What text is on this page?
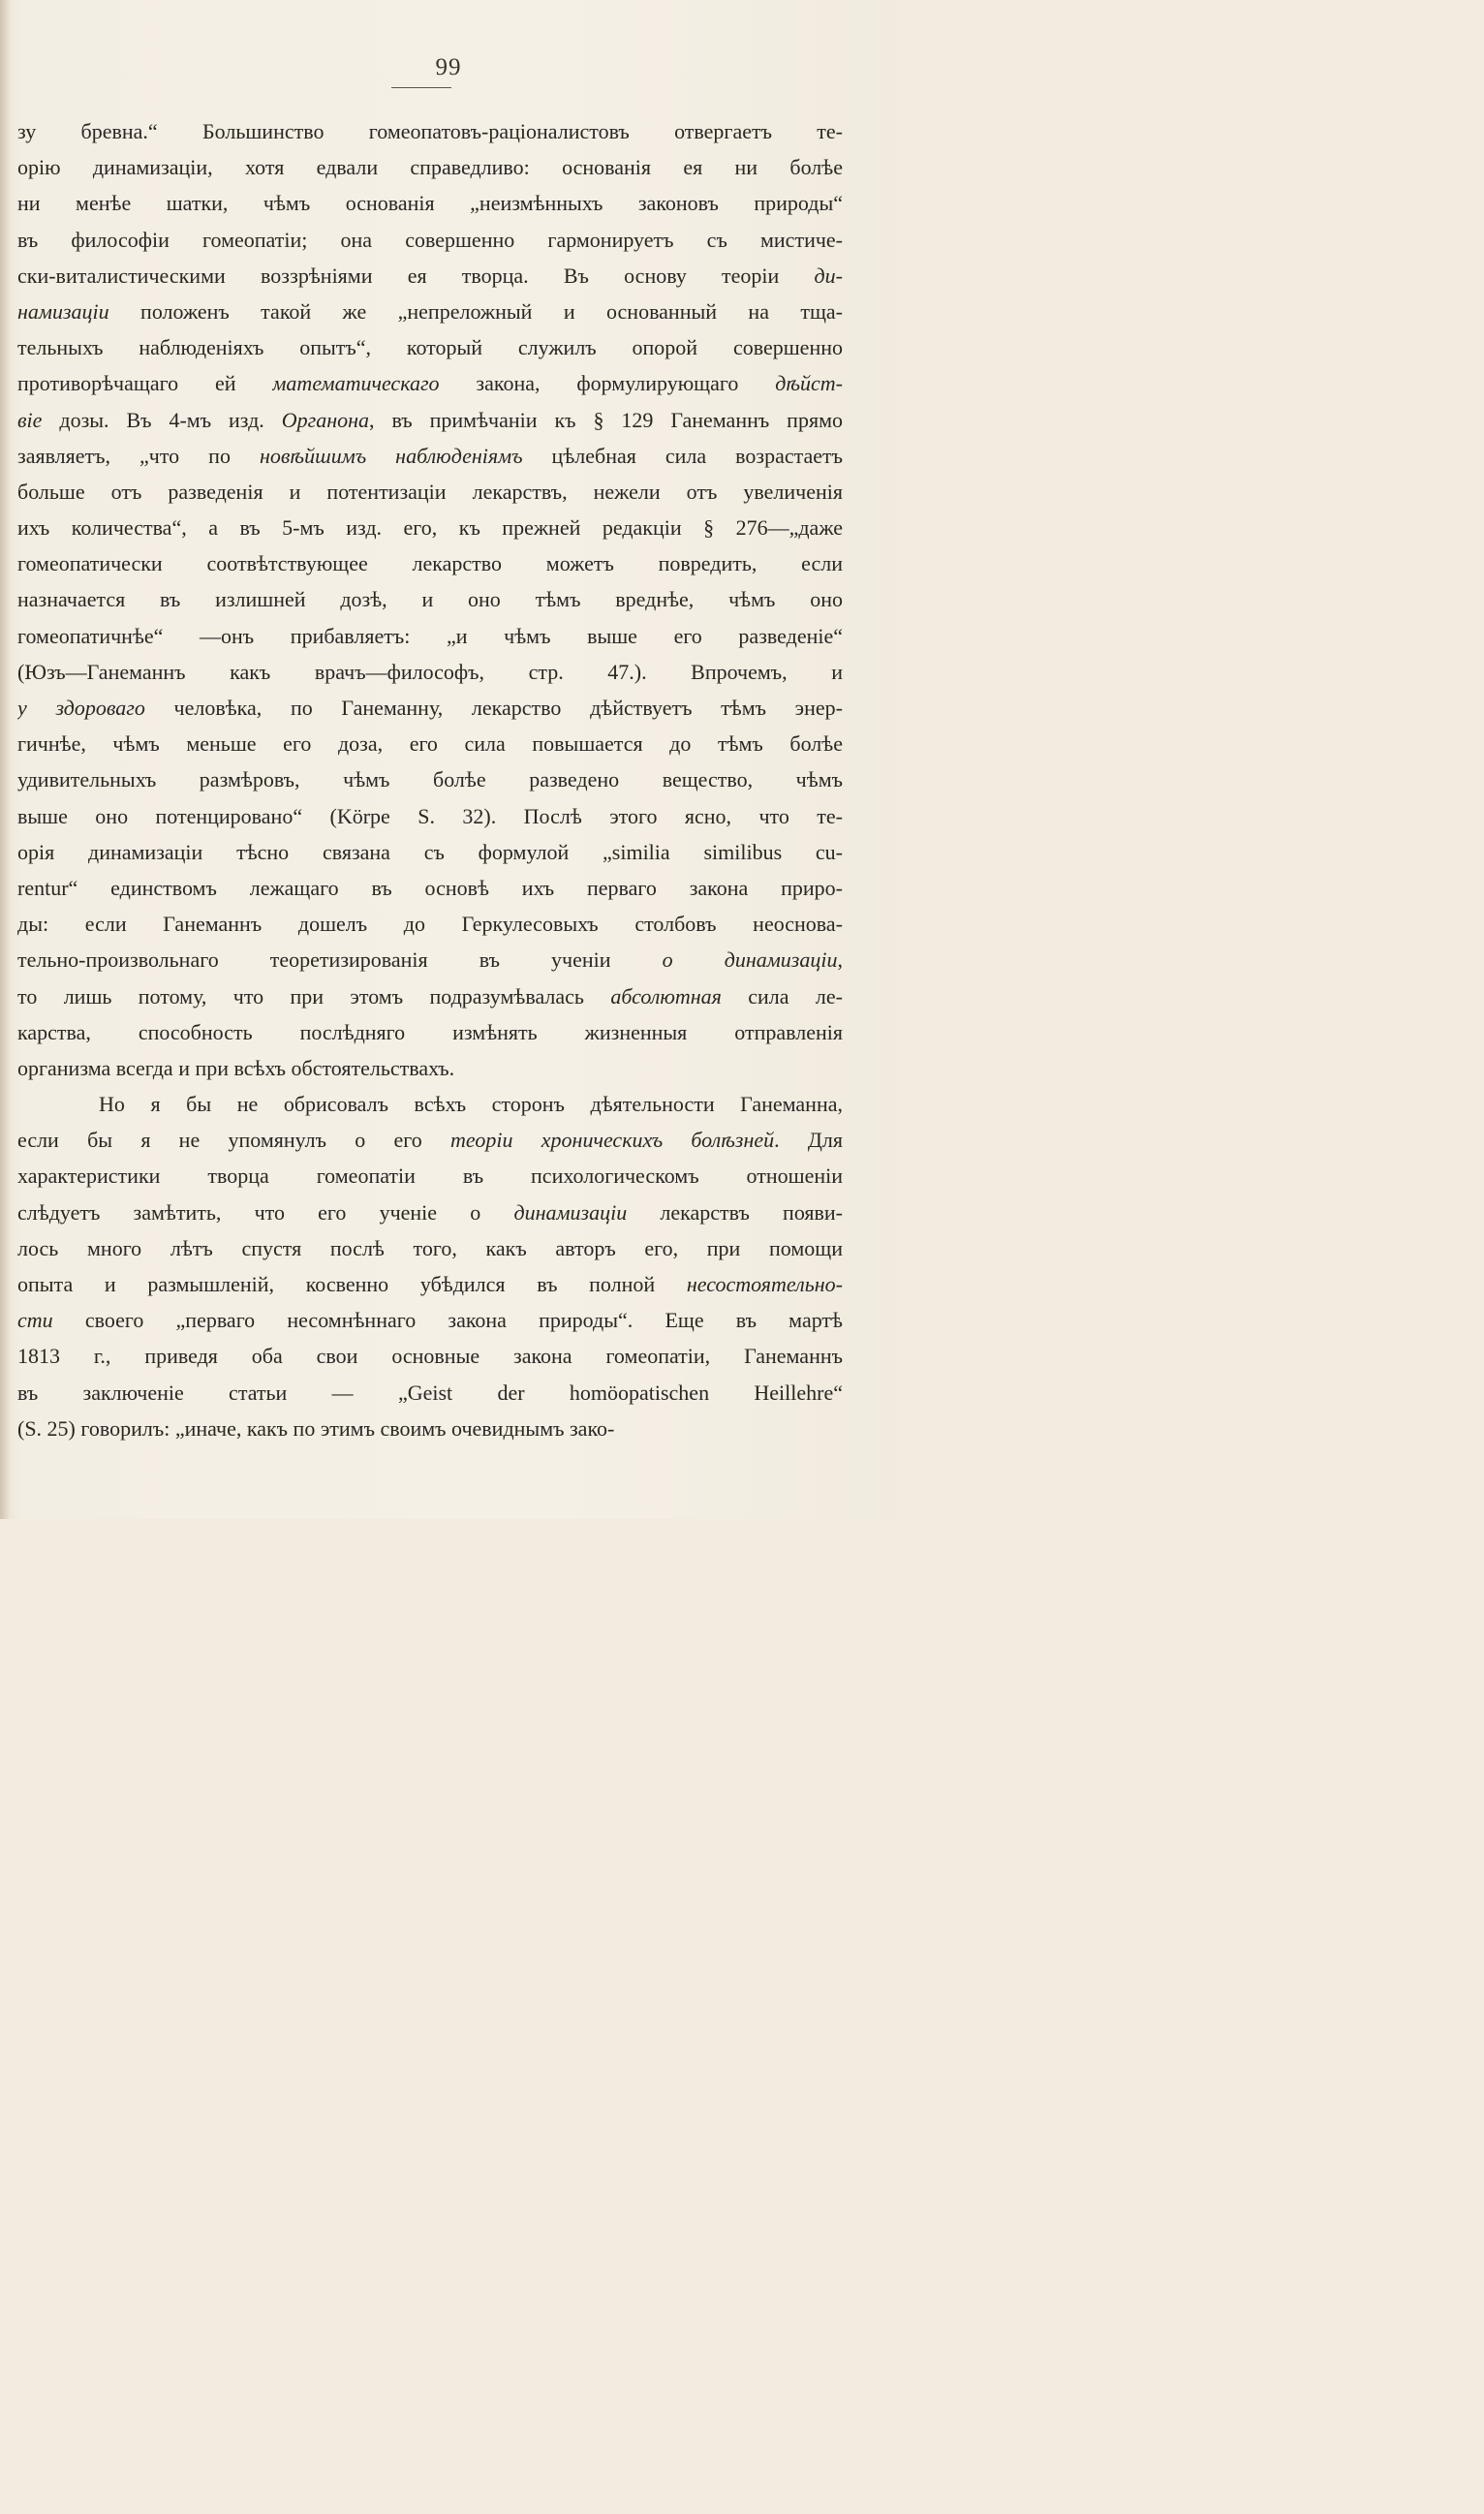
99
зу бревна.“ Большинство гомеопатовъ-раціоналистовъ отвергаетъ те-
орію динамизаціи, хотя едвали справедливо: основанія ея ни болѣе
ни менѣе шатки, чѣмъ основанія „неизмѣнныхъ законовъ природы“
въ философіи гомеопатіи; она совершенно гармонируетъ съ мистиче-
ски-виталистическими воззрѣніями ея творца. Въ основу теоріи ди-
намизаціи положенъ такой же „непреложный и основанный на тща-
тельныхъ наблюденіяхъ опытъ“, который служилъ опорой совершенно
противорѣчащаго ей математическаго закона, формулирующаго дѣйст-
віе дозы. Въ 4-мъ изд. Органона, въ примѣчаніи къ § 129 Ганеманнъ прямо
заявляетъ, „что по новѣйшимъ наблюденіямъ цѣлебная сила возрастаетъ
больше отъ разведенія и потентизаціи лекарствъ, нежели отъ увеличенія
ихъ количества“, а въ 5-мъ изд. его, къ прежней редакціи § 276—„даже
гомеопатически соотвѣтствующее лекарство можетъ повредить, если
назначается въ излишней дозѣ, и оно тѣмъ вреднѣе, чѣмъ оно
гомеопатичнѣе“ —онъ прибавляетъ: „и чѣмъ выше его разведеніе“
(Юзъ—Ганеманнъ какъ врачъ—философъ, стр. 47.). Впрочемъ, и
у здороваго человѣка, по Ганеманну, лекарство дѣйствуетъ тѣмъ энер-
гичнѣе, чѣмъ меньше его доза, его сила повышается до тѣмъ болѣе
удивительныхъ размѣровъ, чѣмъ болѣе разведено вещество, чѣмъ
выше оно потенцировано“ (Körре S. 32). Послѣ этого ясно, что те-
орія динамизаціи тѣсно связана съ формулой „similia similibus cu-
rentur“ единствомъ лежащаго въ основѣ ихъ перваго закона приро-
ды: если Ганеманнъ дошелъ до Геркулесовыхъ столбовъ неоснова-
тельно-произвольнаго теоретизированія въ ученіи о динамизаціи,
то лишь потому, что при этомъ подразумѣвалась абсолютная сила ле-
карства, способность послѣдняго измѣнять жизненныя отправленія
организма всегда и при всѣхъ обстоятельствахъ.
Но я бы не обрисовалъ всѣхъ сторонъ дѣятельности Ганеманна,
если бы я не упомянулъ о его теоріи хроническихъ болѣзней. Для
характеристики творца гомеопатіи въ психологическомъ отношеніи
слѣдуетъ замѣтить, что его ученіе о динамизаціи лекарствъ появи-
лось много лѣтъ спустя послѣ того, какъ авторъ его, при помощи
опыта и размышленій, косвенно убѣдился въ полной несостоятельно-
сти своего „перваго несомнѣннаго закона природы“. Еще въ мартѣ
1813 г., приведя оба свои основные закона гомеопатіи, Ганеманнъ
въ заключеніе статьи — „Geist der homöopatischen Heillehre“
(S. 25) говорилъ: „иначе, какъ по этимъ своимъ очевиднымъ зако-
